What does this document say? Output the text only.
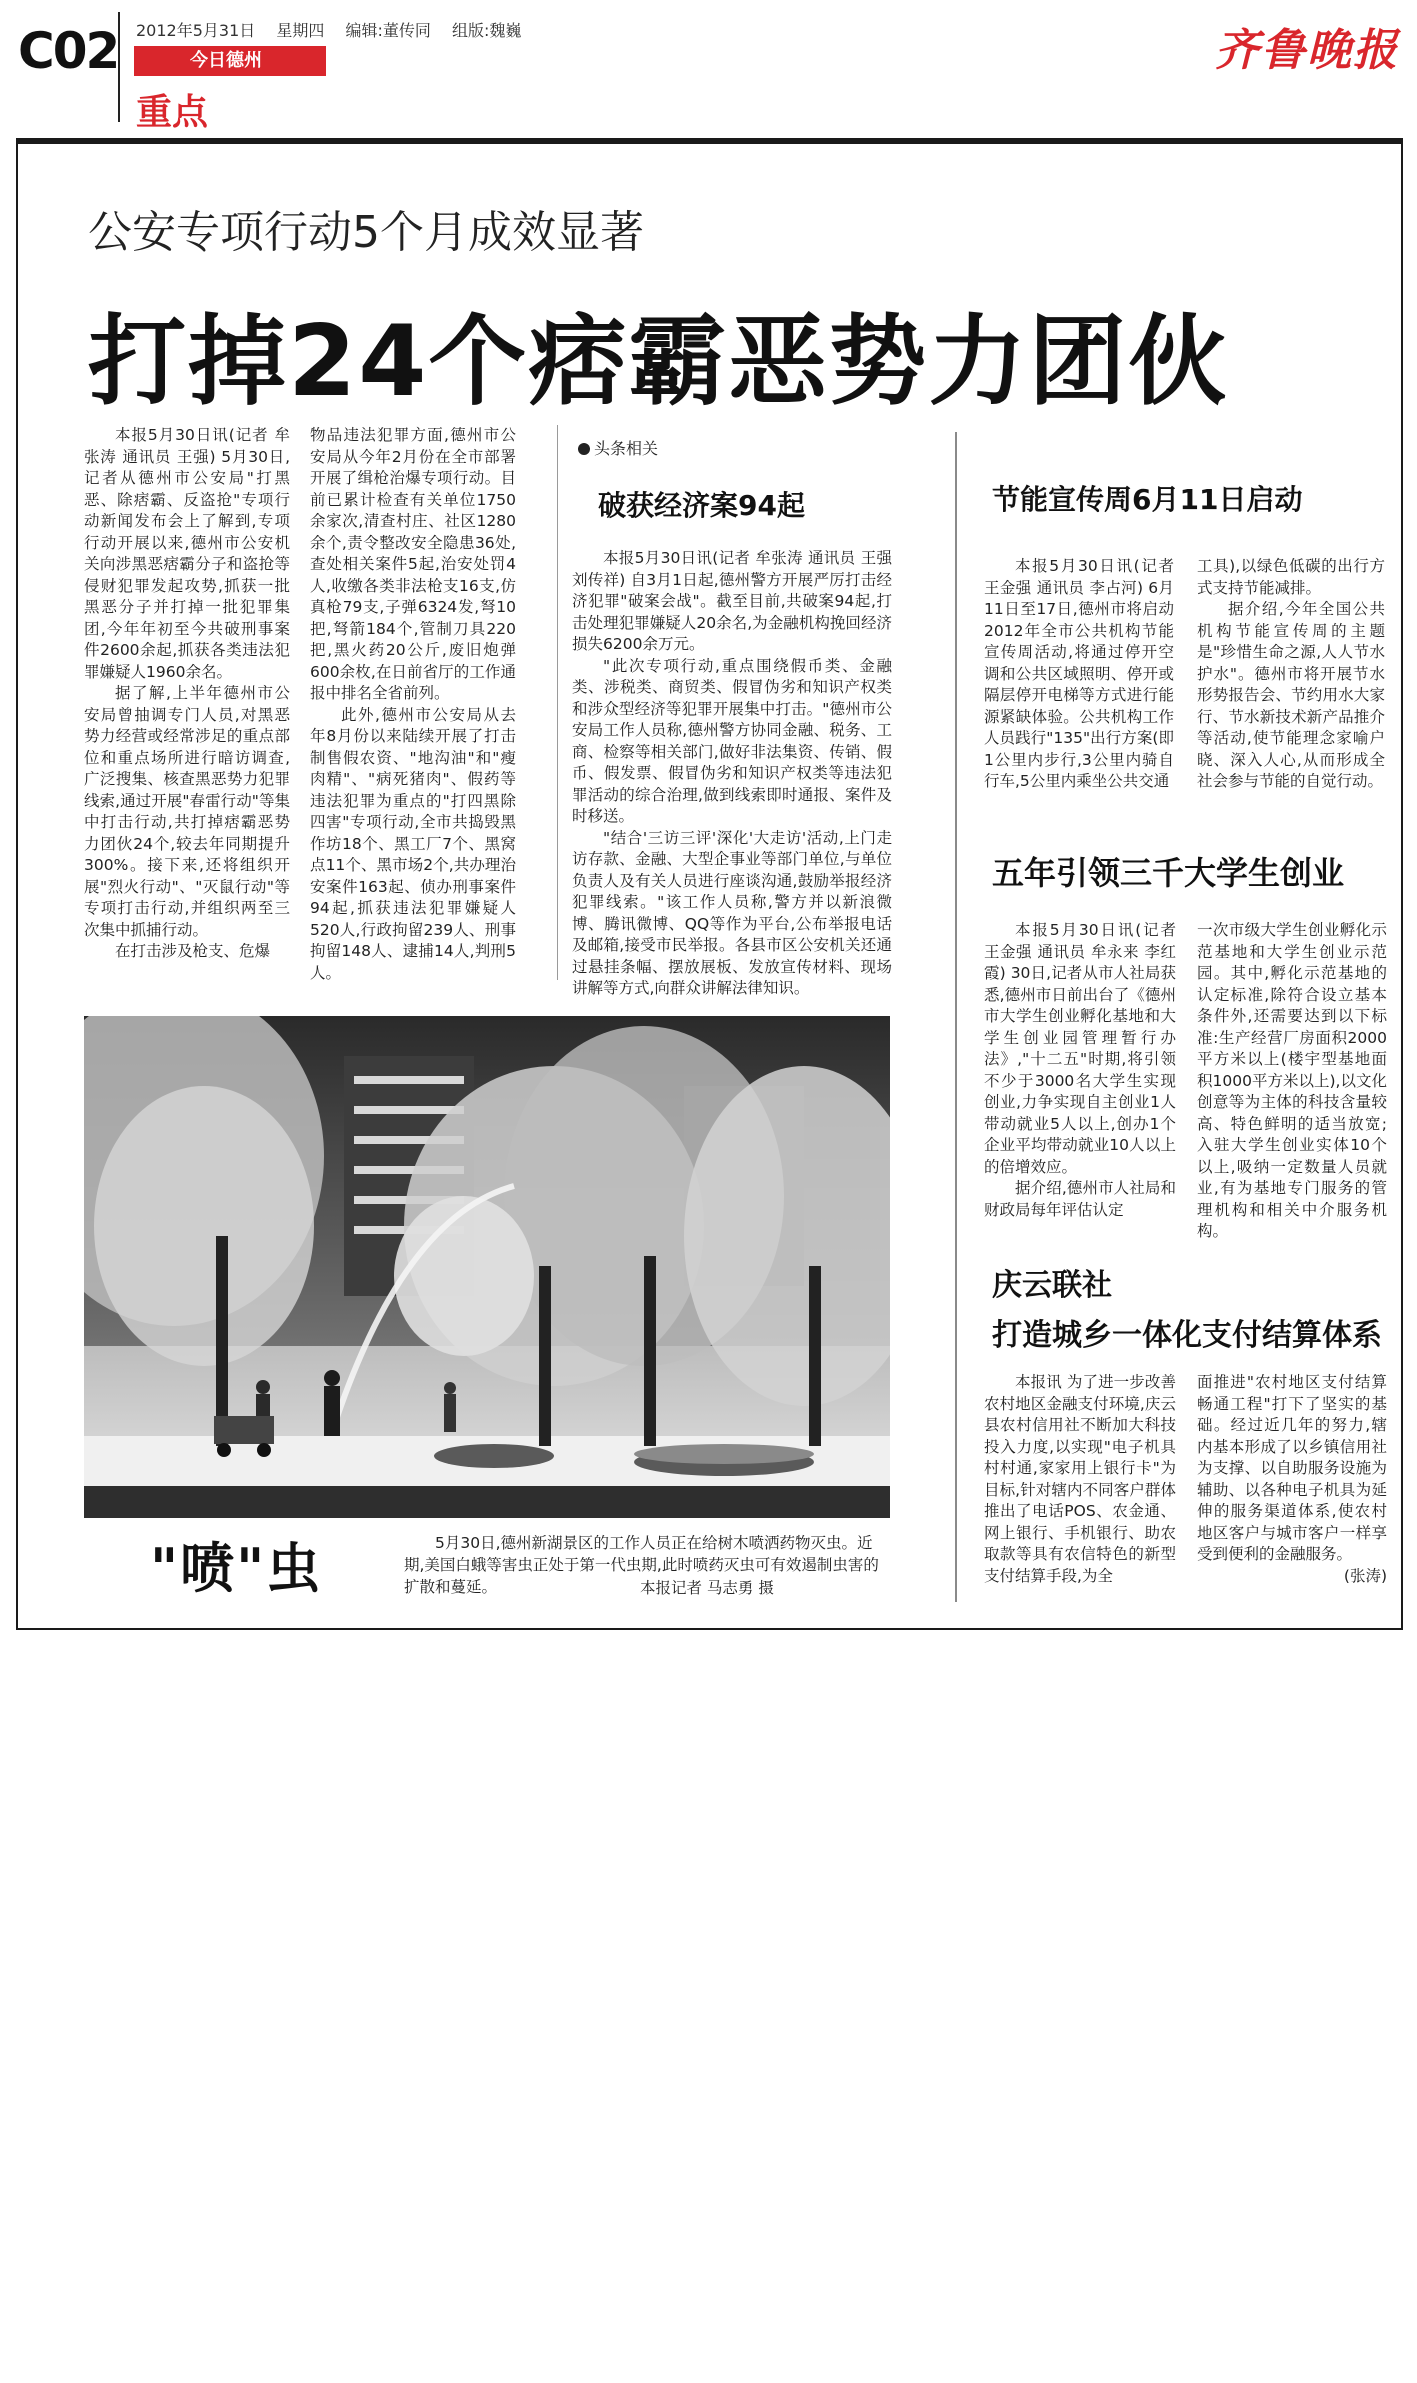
C02 2012年5月31日 星期四 编辑:董传同 组版:魏巍
今日德州
重点
齐鲁晚报
公安专项行动5个月成效显著
打掉24个痞霸恶势力团伙

本报5月30日讯(记者 牟张涛 通讯员 王强) 5月30日,记者从德州市公安局"打黑恶、除痞霸、反盗抢"专项行动新闻发布会上了解到,专项行动开展以来,德州市公安机关向涉黑恶痞霸分子和盗抢等侵财犯罪发起攻势,抓获一批黑恶分子并打掉一批犯罪集团,今年年初至今共破刑事案件2600余起,抓获各类违法犯罪嫌疑人1960余名。

据了解,上半年德州市公安局曾抽调专门人员,对黑恶势力经营或经常涉足的重点部位和重点场所进行暗访调查,广泛搜集、核查黑恶势力犯罪线索,通过开展"春雷行动"等集中打击行动,共打掉痞霸恶势力团伙24个,较去年同期提升300%。接下来,还将组织开展"烈火行动"、"灭鼠行动"等专项打击行动,并组织两至三次集中抓捕行动。

在打击涉及枪支、危爆

物品违法犯罪方面,德州市公安局从今年2月份在全市部署开展了缉枪治爆专项行动。目前已累计检查有关单位1750余家次,清查村庄、社区1280余个,责令整改安全隐患36处,查处相关案件5起,治安处罚4人,收缴各类非法枪支16支,仿真枪79支,子弹6324发,弩10把,弩箭184个,管制刀具220把,黑火药20公斤,废旧炮弹600余枚,在日前省厅的工作通报中排名全省前列。

此外,德州市公安局从去年8月份以来陆续开展了打击制售假农资、"地沟油"和"瘦肉精"、"病死猪肉"、假药等违法犯罪为重点的"打四黑除四害"专项行动,全市共捣毁黑作坊18个、黑工厂7个、黑窝点11个、黑市场2个,共办理治安案件163起、侦办刑事案件94起,抓获违法犯罪嫌疑人520人,行政拘留239人、刑事拘留148人、逮捕14人,判刑5人。

头条相关
破获经济案94起

本报5月30日讯(记者 牟张涛 通讯员 王强 刘传祥) 自3月1日起,德州警方开展严厉打击经济犯罪"破案会战"。截至目前,共破案94起,打击处理犯罪嫌疑人20余名,为金融机构挽回经济损失6200余万元。

"此次专项行动,重点围绕假币类、金融类、涉税类、商贸类、假冒伪劣和知识产权类和涉众型经济等犯罪开展集中打击。"德州市公安局工作人员称,德州警方协同金融、税务、工商、检察等相关部门,做好非法集资、传销、假币、假发票、假冒伪劣和知识产权类等违法犯罪活动的综合治理,做到线索即时通报、案件及时移送。

"结合'三访三评'深化'大走访'活动,上门走访存款、金融、大型企事业等部门单位,与单位负责人及有关人员进行座谈沟通,鼓励举报经济犯罪线索。"该工作人员称,警方并以新浪微博、腾讯微博、QQ等作为平台,公布举报电话及邮箱,接受市民举报。各县市区公安机关还通过悬挂条幅、摆放展板、发放宣传材料、现场讲解等方式,向群众讲解法律知识。

节能宣传周6月11日启动

本报5月30日讯(记者 王金强 通讯员 李占河) 6月11日至17日,德州市将启动2012年全市公共机构节能宣传周活动,将通过停开空调和公共区域照明、停开或隔层停开电梯等方式进行能源紧缺体验。公共机构工作人员践行"135"出行方案(即1公里内步行,3公里内骑自行车,5公里内乘坐公共交通

工具),以绿色低碳的出行方式支持节能减排。

据介绍,今年全国公共机构节能宣传周的主题是"珍惜生命之源,人人节水护水"。德州市将开展节水形势报告会、节约用水大家行、节水新技术新产品推介等活动,使节能理念家喻户晓、深入人心,从而形成全社会参与节能的自觉行动。

五年引领三千大学生创业

本报5月30日讯(记者 王金强 通讯员 牟永来 李红霞) 30日,记者从市人社局获悉,德州市日前出台了《德州市大学生创业孵化基地和大学生创业园管理暂行办法》,"十二五"时期,将引领不少于3000名大学生实现创业,力争实现自主创业1人带动就业5人以上,创办1个企业平均带动就业10人以上的倍增效应。

据介绍,德州市人社局和财政局每年评估认定

一次市级大学生创业孵化示范基地和大学生创业示范园。其中,孵化示范基地的认定标准,除符合设立基本条件外,还需要达到以下标准:生产经营厂房面积2000平方米以上(楼宇型基地面积1000平方米以上),以文化创意等为主体的科技含量较高、特色鲜明的适当放宽;入驻大学生创业实体10个以上,吸纳一定数量人员就业,有为基地专门服务的管理机构和相关中介服务机构。

庆云联社
打造城乡一体化支付结算体系

本报讯 为了进一步改善农村地区金融支付环境,庆云县农村信用社不断加大科技投入力度,以实现"电子机具村村通,家家用上银行卡"为目标,针对辖内不同客户群体推出了电话POS、农金通、网上银行、手机银行、助农取款等具有农信特色的新型支付结算手段,为全

面推进"农村地区支付结算畅通工程"打下了坚实的基础。经过近几年的努力,辖内基本形成了以乡镇信用社为支撑、以自助服务设施为辅助、以各种电子机具为延伸的服务渠道体系,使农村地区客户与城市客户一样享受到便利的金融服务。

(张涛)

"喷"虫	5月30日,德州新湖景区的工作人员正在给树木喷洒药物灭虫。近期,美国白蛾等害虫正处于第一代虫期,此时喷药灭虫可有效遏制虫害的扩散和蔓延。	本报记者 马志勇 摄
